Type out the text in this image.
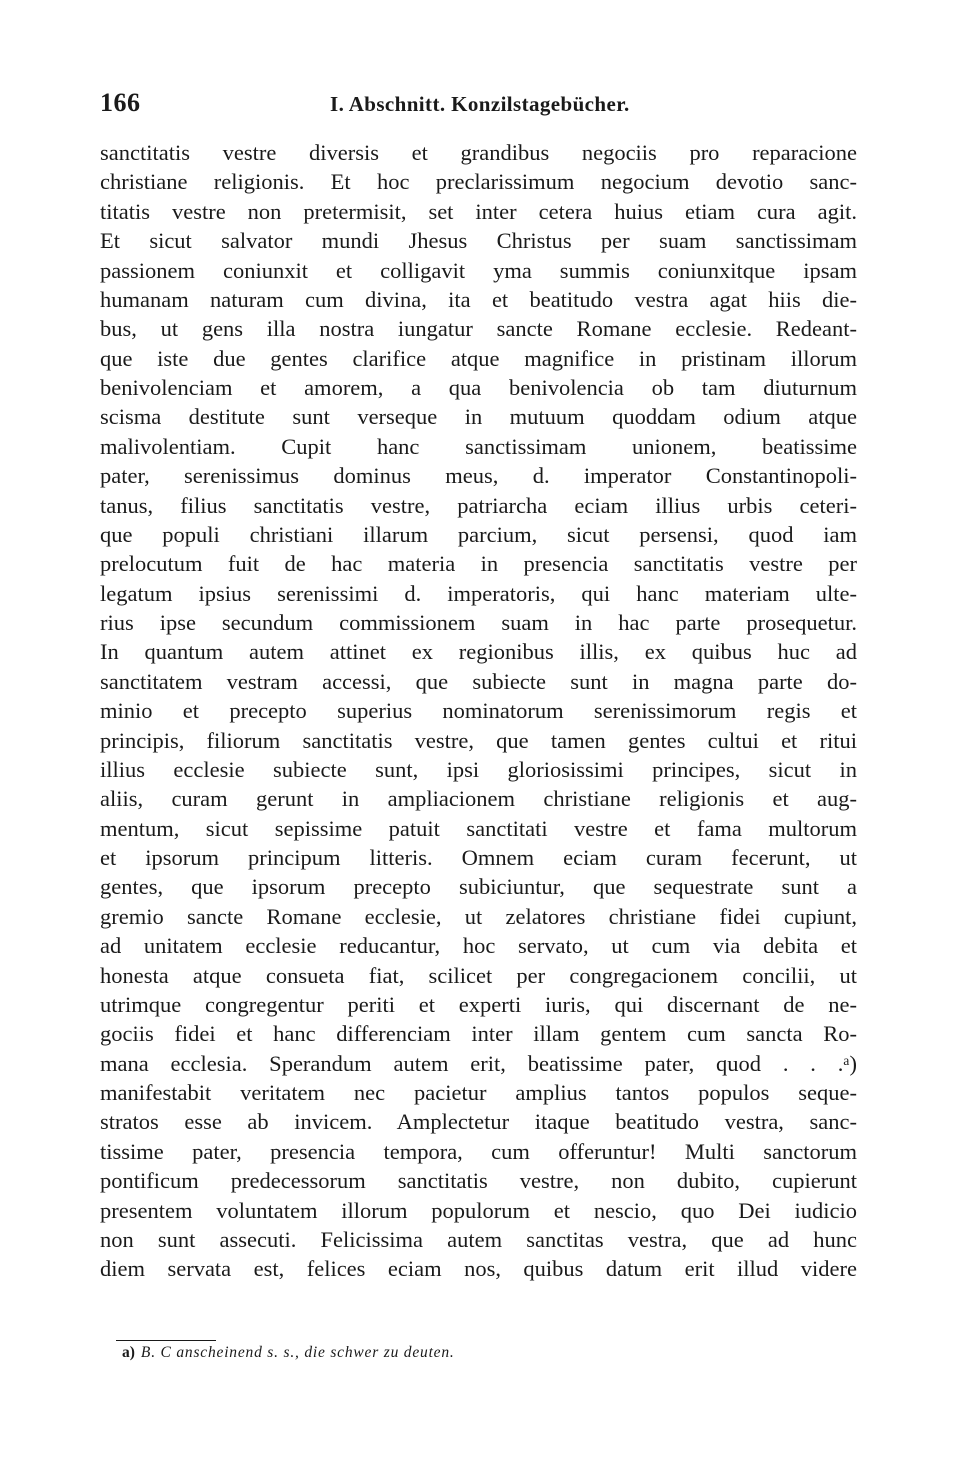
166	I. Abschnitt. Konzilstagebücher.
sanctitatis vestre diversis et grandibus negociis pro reparacione
christiane religionis. Et hoc preclarissimum negocium devotio sanc-
titatis vestre non pretermisit, set inter cetera huius etiam cura agit.
Et sicut salvator mundi Jhesus Christus per suam sanctissimam
passionem coniunxit et colligavit yma summis coniunxitque ipsam
humanam naturam cum divina, ita et beatitudo vestra agat hiis die-
bus, ut gens illa nostra iungatur sancte Romane ecclesie. Redeant-
que iste due gentes clarifice atque magnifice in pristinam illorum
benivolenciam et amorem, a qua benivolencia ob tam diuturnum
scisma destitute sunt verseque in mutuum quoddam odium atque
malivolentiam. Cupit hanc sanctissimam unionem, beatissime
pater, serenissimus dominus meus, d. imperator Constantinopoli-
tanus, filius sanctitatis vestre, patriarcha eciam illius urbis ceteri-
que populi christiani illarum parcium, sicut persensi, quod iam
prelocutum fuit de hac materia in presencia sanctitatis vestre per
legatum ipsius serenissimi d. imperatoris, qui hanc materiam ulte-
rius ipse secundum commissionem suam in hac parte prosequetur.
In quantum autem attinet ex regionibus illis, ex quibus huc ad
sanctitatem vestram accessi, que subiecte sunt in magna parte do-
minio et precepto superius nominatorum serenissimorum regis et
principis, filiorum sanctitatis vestre, que tamen gentes cultui et ritui
illius ecclesie subiecte sunt, ipsi gloriosissimi principes, sicut in
aliis, curam gerunt in ampliacionem christiane religionis et aug-
mentum, sicut sepissime patuit sanctitati vestre et fama multorum
et ipsorum principum litteris. Omnem eciam curam fecerunt, ut
gentes, que ipsorum precepto subiciuntur, que sequestrate sunt a
gremio sancte Romane ecclesie, ut zelatores christiane fidei cupiunt,
ad unitatem ecclesie reducantur, hoc servato, ut cum via debita et
honesta atque consueta fiat, scilicet per congregacionem concilii, ut
utrimque congregentur periti et experti iuris, qui discernant de ne-
gociis fidei et hanc differenciam inter illam gentem cum sancta Ro-
mana ecclesia. Sperandum autem erit, beatissime pater, quod . . .ᵃ)
manifestabit veritatem nec pacietur amplius tantos populos seque-
stratos esse ab invicem. Amplectetur itaque beatitudo vestra, sanc-
tissime pater, presencia tempora, cum offeruntur! Multi sanctorum
pontificum predecessorum sanctitatis vestre, non dubito, cupierunt
presentem voluntatem illorum populorum et nescio, quo Dei iudicio
non sunt assecuti. Felicissima autem sanctitas vestra, que ad hunc
diem servata est, felices eciam nos, quibus datum erit illud videre
a) B. C anscheinend s. s., die schwer zu deuten.
